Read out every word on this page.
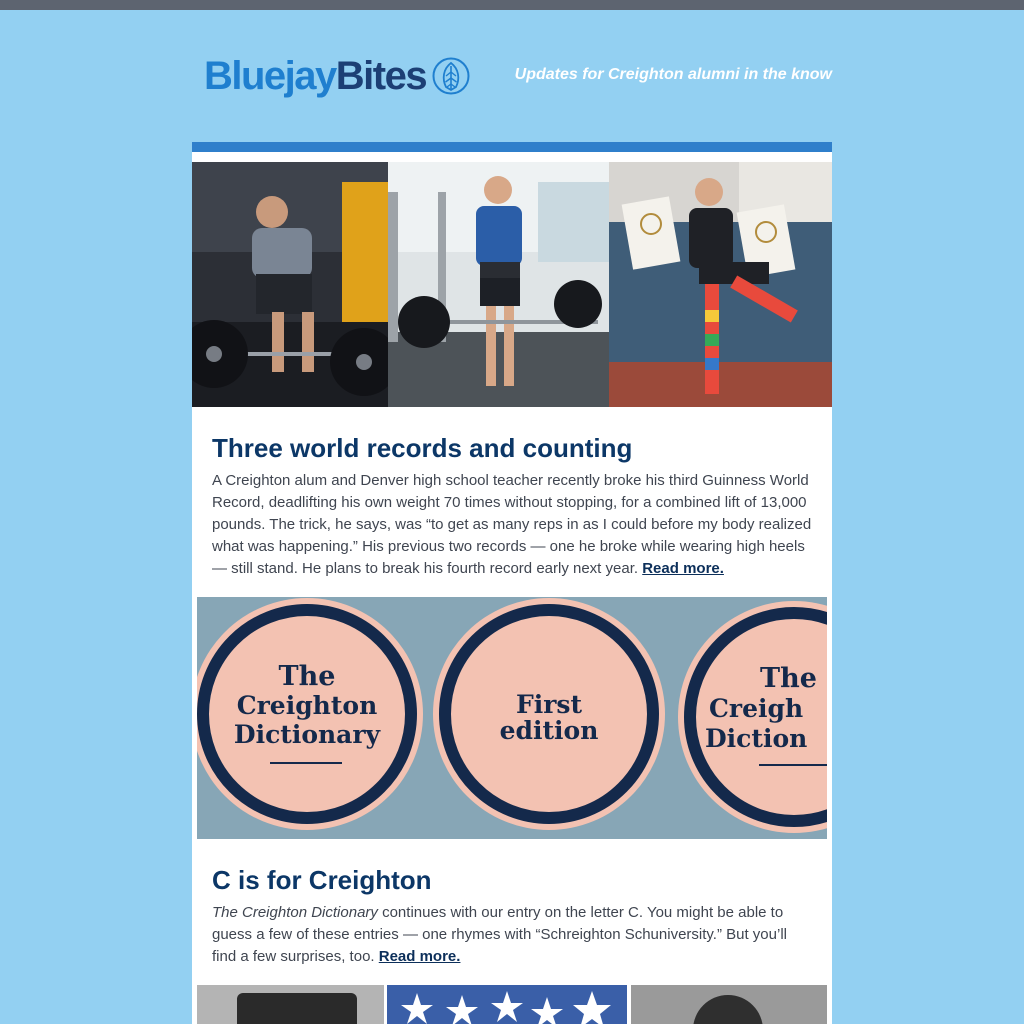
BluejayBites	Updates for Creighton alumni in the know
Three world records and counting

A Creighton alum and Denver high school teacher recently broke his third Guinness World Record, deadlifting his own weight 70 times without stopping, for a combined lift of 13,000 pounds. The trick, he says, was “to get as many reps in as I could before my body realized what was happening.” His previous two records — one he broke while wearing high heels — still stand. He plans to break his fourth record early next year. Read more.

The
Creighton
Dictionary
First
edition
The
Creigh
Diction
C is for Creighton

The Creighton Dictionary continues with our entry on the letter C. You might be able to guess a few of these entries — one rhymes with “Schreighton Schuniversity.” But you’ll find a few surprises, too. Read more.
